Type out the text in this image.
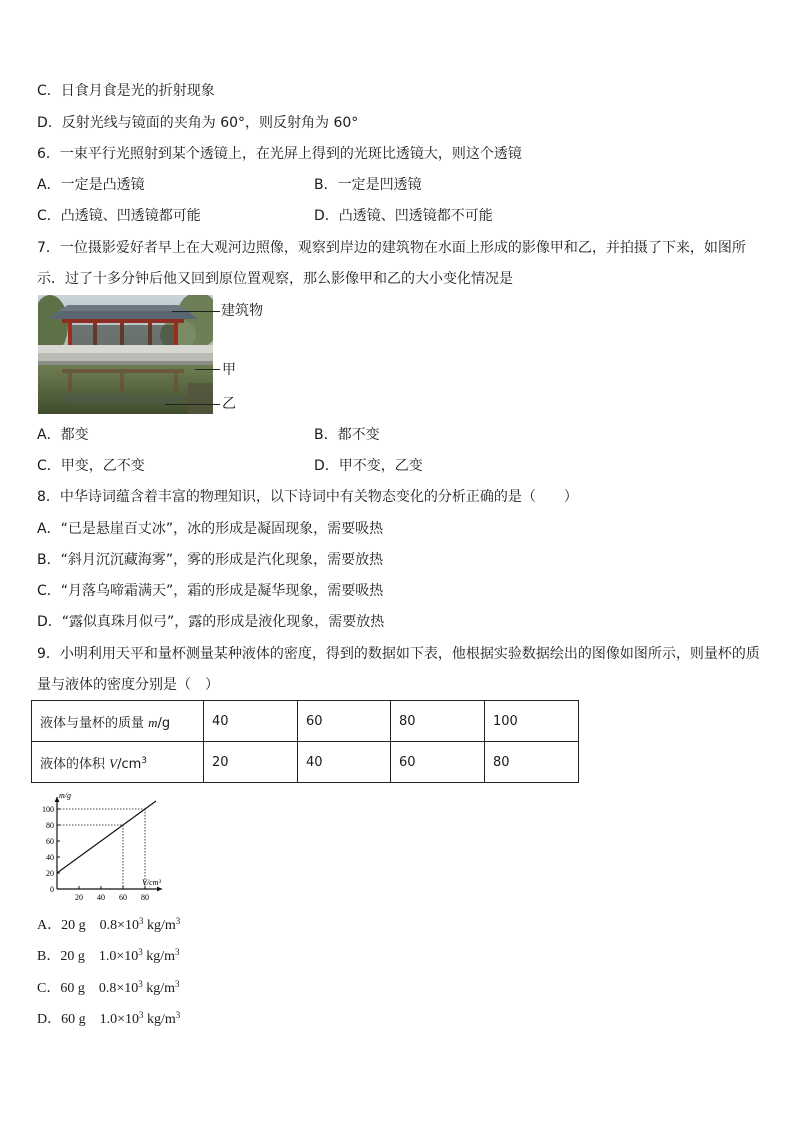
C．日食月食是光的折射现象
D．反射光线与镜面的夹角为 60°，则反射角为 60°
6．一束平行光照射到某个透镜上，在光屏上得到的光斑比透镜大，则这个透镜
A．一定是凸透镜	B．一定是凹透镜
C．凸透镜、凹透镜都可能	D．凸透镜、凹透镜都不可能
7．一位摄影爱好者早上在大观河边照像，观察到岸边的建筑物在水面上形成的影像甲和乙，并拍摄了下来，如图所
示．过了十多分钟后他又回到原位置观察，那么影像甲和乙的大小变化情况是
建筑物
甲
乙
A．都变	B．都不变
C．甲变，乙不变	D．甲不变，乙变
8．中华诗词蕴含着丰富的物理知识，以下诗词中有关物态变化的分析正确的是（　　）
A．“已是悬崖百丈冰”，冰的形成是凝固现象，需要吸热
B．“斜月沉沉藏海雾”，雾的形成是汽化现象，需要放热
C．“月落乌啼霜满天”，霜的形成是凝华现象，需要吸热
D．“露似真珠月似弓”，露的形成是液化现象，需要放热
9．小明利用天平和量杯测量某种液体的密度，得到的数据如下表，他根据实验数据绘出的图像如图所示，则量杯的质
量与液体的密度分别是（　）
液体与量杯的质量 m/g	40	60	80	100
液体的体积 $V/cm^3$	20	40	60	80
0
20
40
60
80
100
20 40 60 80
m/g
V/cm³
A．20 g　$0.8\times 10^3$ $kg/m^3$
B．20 g　$1.0\times 10^3$ $kg/m^3$
C．60 g　$0.8\times 10^3$ $kg/m^3$
D．60 g　$1.0\times 10^3$ $kg/m^3$
